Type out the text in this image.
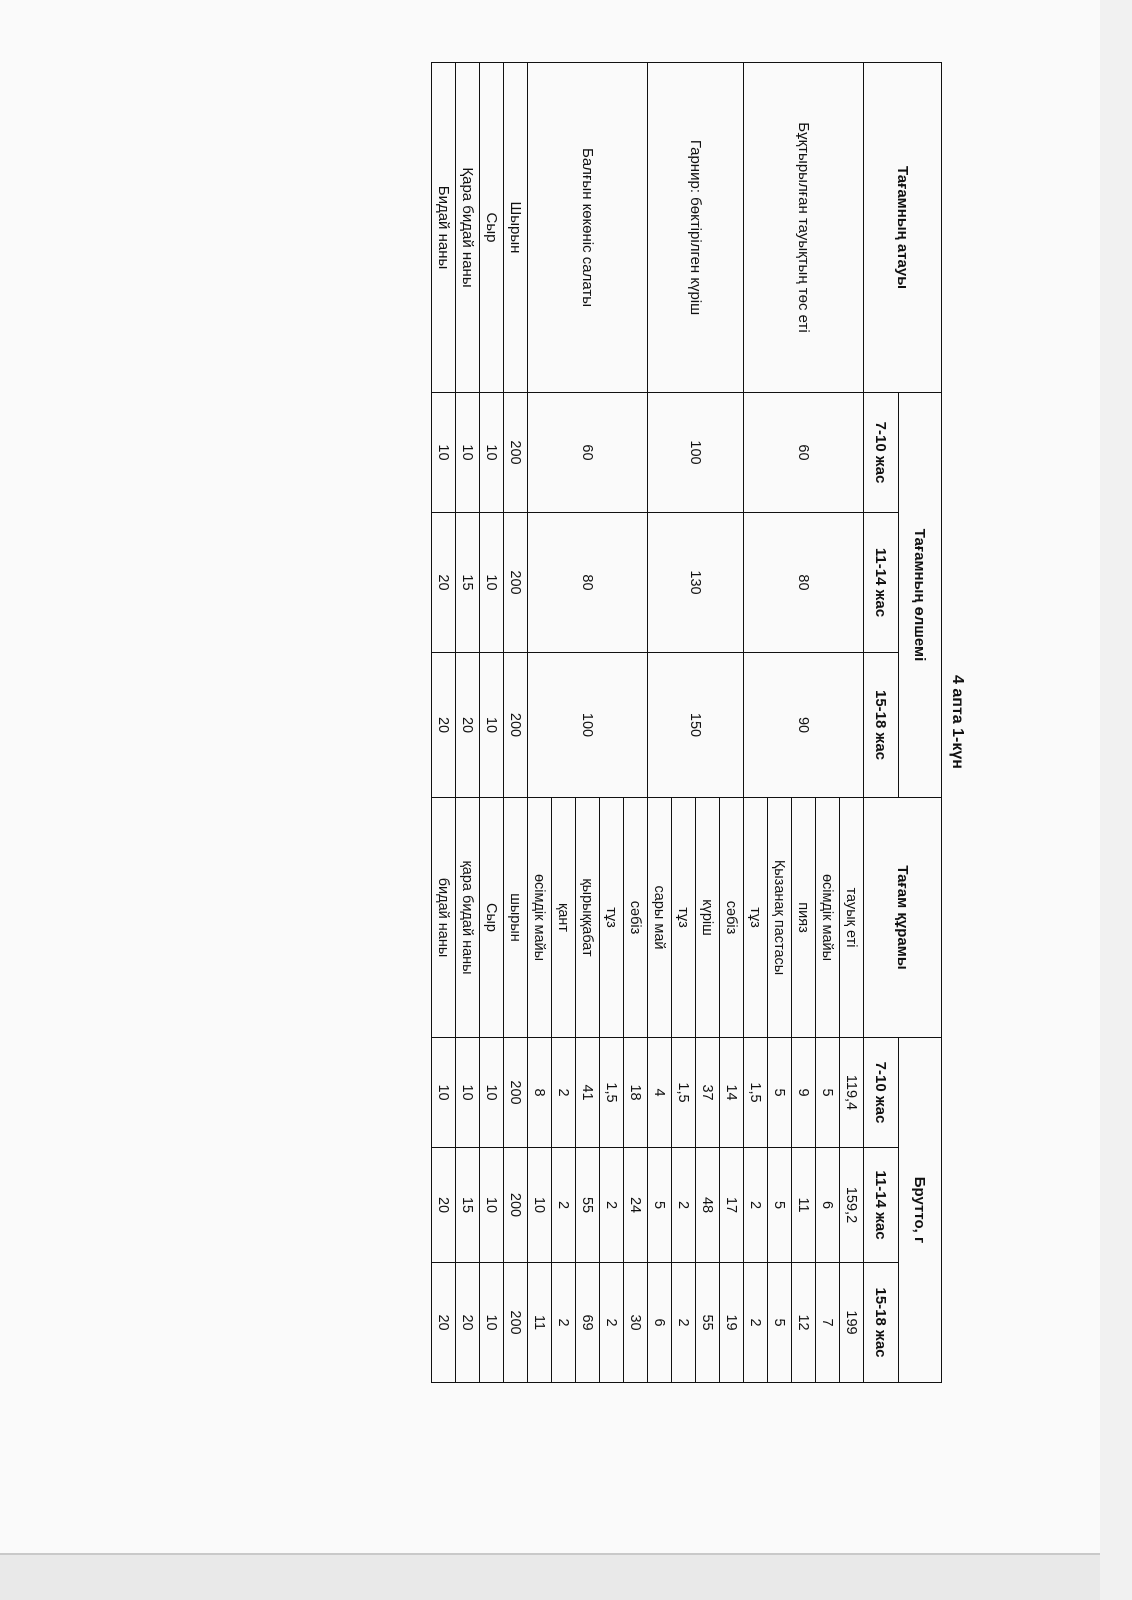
4 апта 1-күн
Тағамның атауы	Тағамның өлшемі			Тағам құрамы	Брутто, г		
	7-10 жас	11-14 жас	15-18 жас		7-10 жас	11-14 жас	15-18 жас
Бұқтырылған тауықтың төс еті	60	80	90	тауық еті	119,4	159,2	199
				өсімдік майы	5	6	7
				пияз	9	11	12
				Қызанақ пастасы	5	5	5
				тұз	1,5	2	2
Гарнир: бөктірілген күріш	100	130	150	сәбіз	14	17	19
				күріш	37	48	55
				тұз	1,5	2	2
				сары май	4	5	6
Балғын көкөніс салаты	60	80	100	сәбіз	18	24	30
				тұз	1,5	2	2
				қырыққабат	41	55	69
				қант	2	2	2
				өсімдік майы	8	10	11
Шырын	200	200	200	шырын	200	200	200
Сыр	10	10	10	Сыр	10	10	10
Қара бидай наны	10	15	20	қара бидай наны	10	15	20
Бидай наны	10	20	20	бидай наны	10	20	20
